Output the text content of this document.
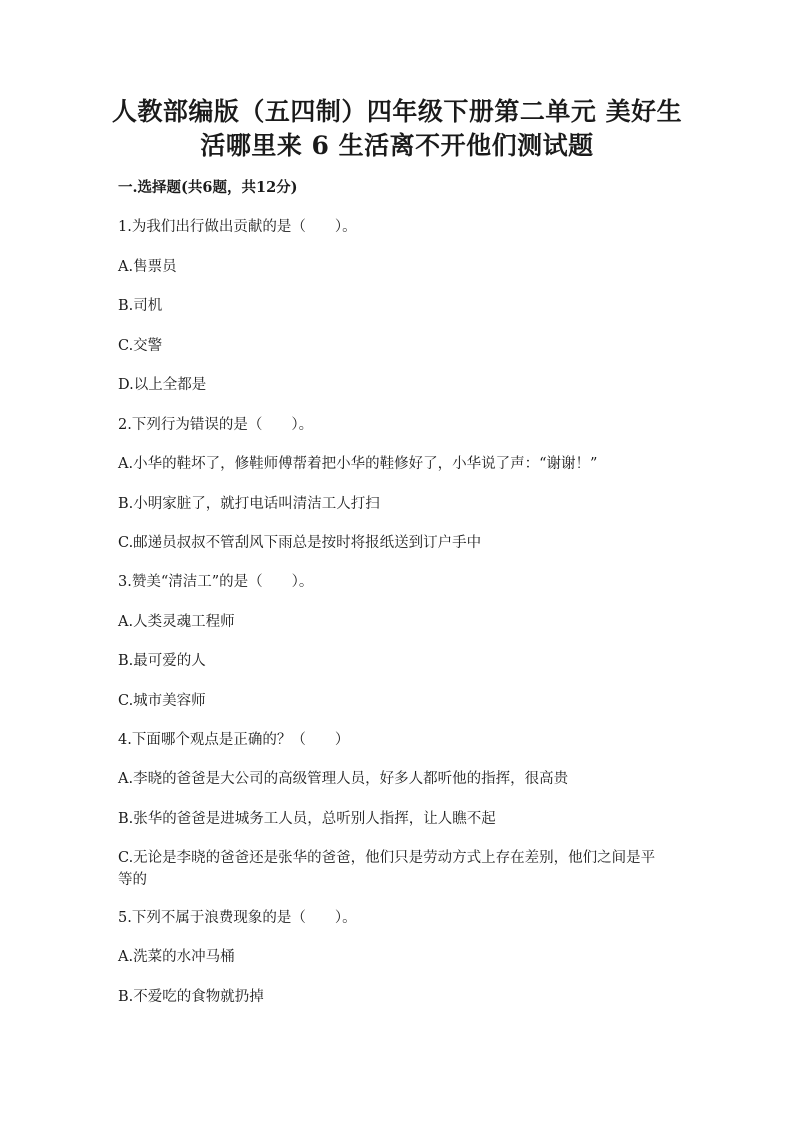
人教部编版（五四制）四年级下册第二单元 美好生
活哪里来 6 生活离不开他们测试题
一.选择题(共6题，共12分)
1.为我们出行做出贡献的是（　　）。
A.售票员
B.司机
C.交警
D.以上全都是
2.下列行为错误的是（　　）。
A.小华的鞋坏了，修鞋师傅帮着把小华的鞋修好了，小华说了声：“谢谢！”
B.小明家脏了，就打电话叫清洁工人打扫
C.邮递员叔叔不管刮风下雨总是按时将报纸送到订户手中
3.赞美“清洁工”的是（　　）。
A.人类灵魂工程师
B.最可爱的人
C.城市美容师
4.下面哪个观点是正确的？（　　）
A.李晓的爸爸是大公司的高级管理人员，好多人都听他的指挥，很高贵
B.张华的爸爸是进城务工人员，总听别人指挥，让人瞧不起
C.无论是李晓的爸爸还是张华的爸爸，他们只是劳动方式上存在差别，他们之间是平等的
5.下列不属于浪费现象的是（　　）。
A.洗菜的水冲马桶
B.不爱吃的食物就扔掉
